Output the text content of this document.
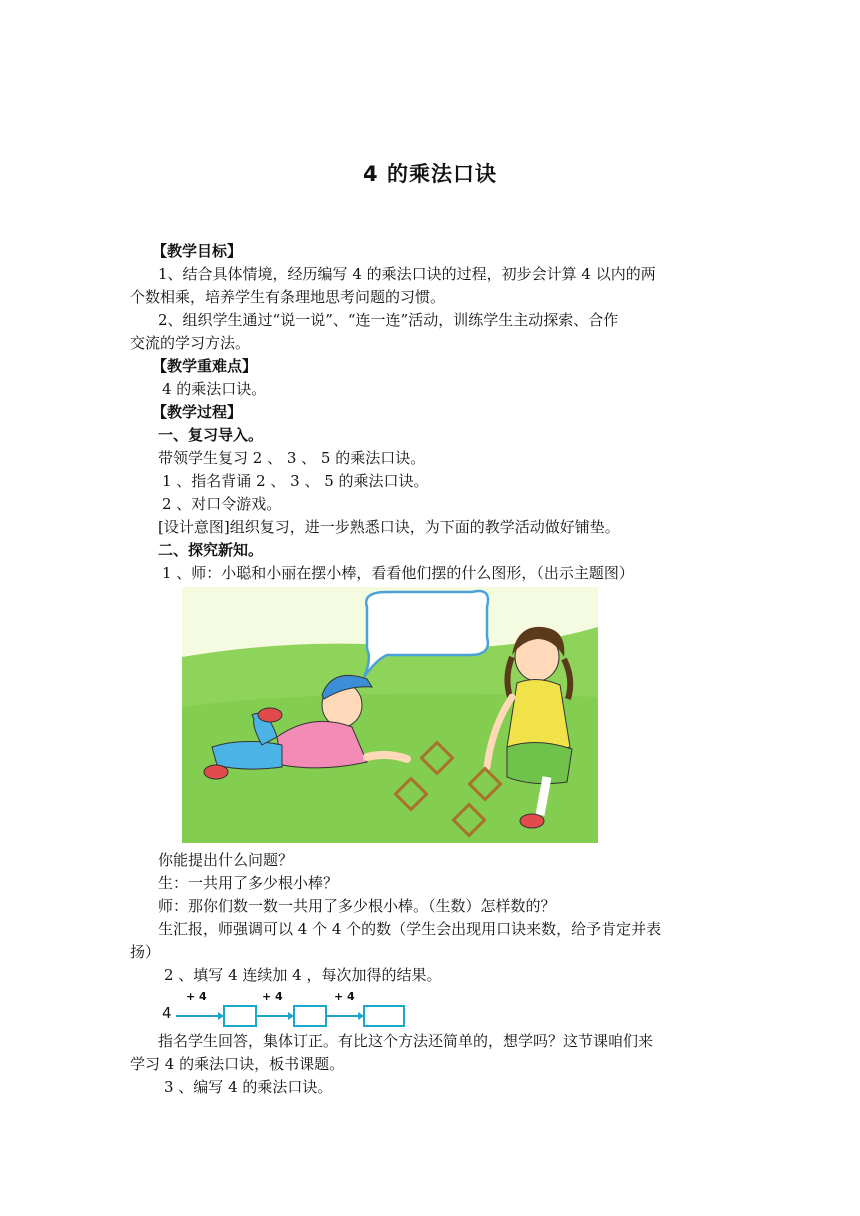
4 的乘法口诀
【教学目标】
1、结合具体情境，经历编写 4 的乘法口诀的过程，初步会计算 4 以内的两
个数相乘，培养学生有条理地思考问题的习惯。
2、组织学生通过“说一说”、“连一连”活动，训练学生主动探索、合作
交流的学习方法。
【教学重难点】
4 的乘法口诀。
【教学过程】
一、复习导入。
带领学生复习 2 、 3 、 5 的乘法口诀。
1 、指名背诵 2 、 3 、 5 的乘法口诀。
2 、对口令游戏。
[设计意图]组织复习，进一步熟悉口诀，为下面的教学活动做好铺垫。
二、探究新知。
1 、师：小聪和小丽在摆小棒，看看他们摆的什么图形，（出示主题图）
你能提出什么问题？
生：一共用了多少根小棒？
师：那你们数一数一共用了多少根小棒。（生数）怎样数的？
生汇报，师强调可以 4 个 4 个的数（学生会出现用口诀来数，给予肯定并表
扬）
2 、填写 4 连续加 4 ，每次加得的结果。
4
+ 4	+ 4	+ 4
指名学生回答，集体订正。有比这个方法还简单的，想学吗？这节课咱们来
学习 4 的乘法口诀，板书课题。
3 、编写 4 的乘法口诀。
